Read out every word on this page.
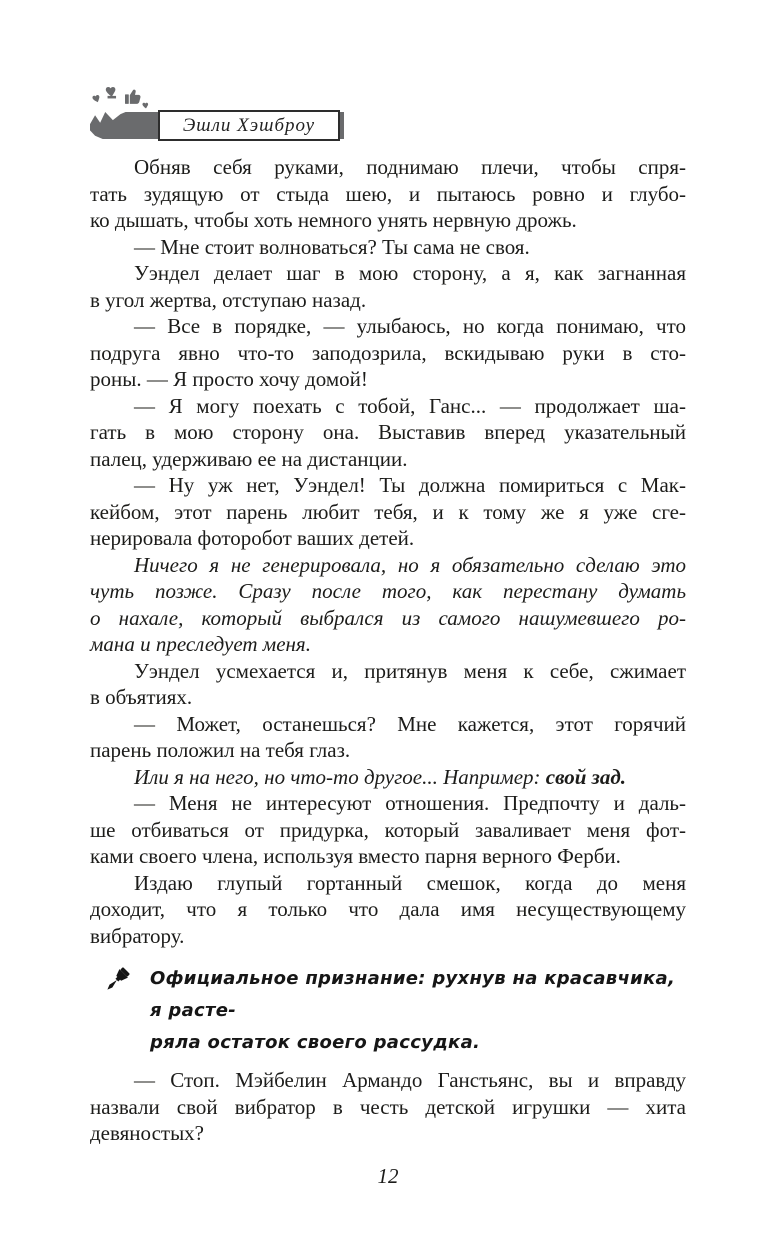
Эшли Хэшброу
Обняв себя руками, поднимаю плечи, чтобы спря-
тать зудящую от стыда шею, и пытаюсь ровно и глубо-
ко дышать, чтобы хоть немного унять нервную дрожь.
— Мне стоит волноваться? Ты сама не своя.
Уэндел делает шаг в мою сторону, а я, как загнанная
в угол жертва, отступаю назад.
— Все в порядке, — улыбаюсь, но когда понимаю, что
подруга явно что-то заподозрила, вскидываю руки в сто-
роны. — Я просто хочу домой!
— Я могу поехать с тобой, Ганс... — продолжает ша-
гать в мою сторону она. Выставив вперед указательный
палец, удерживаю ее на дистанции.
— Ну уж нет, Уэндел! Ты должна помириться с Мак-
кейбом, этот парень любит тебя, и к тому же я уже сге-
нерировала фоторобот ваших детей.
Ничего я не генерировала, но я обязательно сделаю это
чуть позже. Сразу после того, как перестану думать
о нахале, который выбрался из самого нашумевшего ро-
мана и преследует меня.
Уэндел усмехается и, притянув меня к себе, сжимает
в объятиях.
— Может, останешься? Мне кажется, этот горячий
парень положил на тебя глаз.
Или я на него, но что-то другое... Например: свой зад.
— Меня не интересуют отношения. Предпочту и даль-
ше отбиваться от придурка, который заваливает меня фот-
ками своего члена, используя вместо парня верного Ферби.
Издаю глупый гортанный смешок, когда до меня
доходит, что я только что дала имя несуществующему
вибратору.
Официальное признание: рухнув на красавчика, я расте-
ряла остаток своего рассудка.
— Стоп. Мэйбелин Армандо Ганстьянс, вы и вправду
назвали свой вибратор в честь детской игрушки — хита
девяностых?
12
